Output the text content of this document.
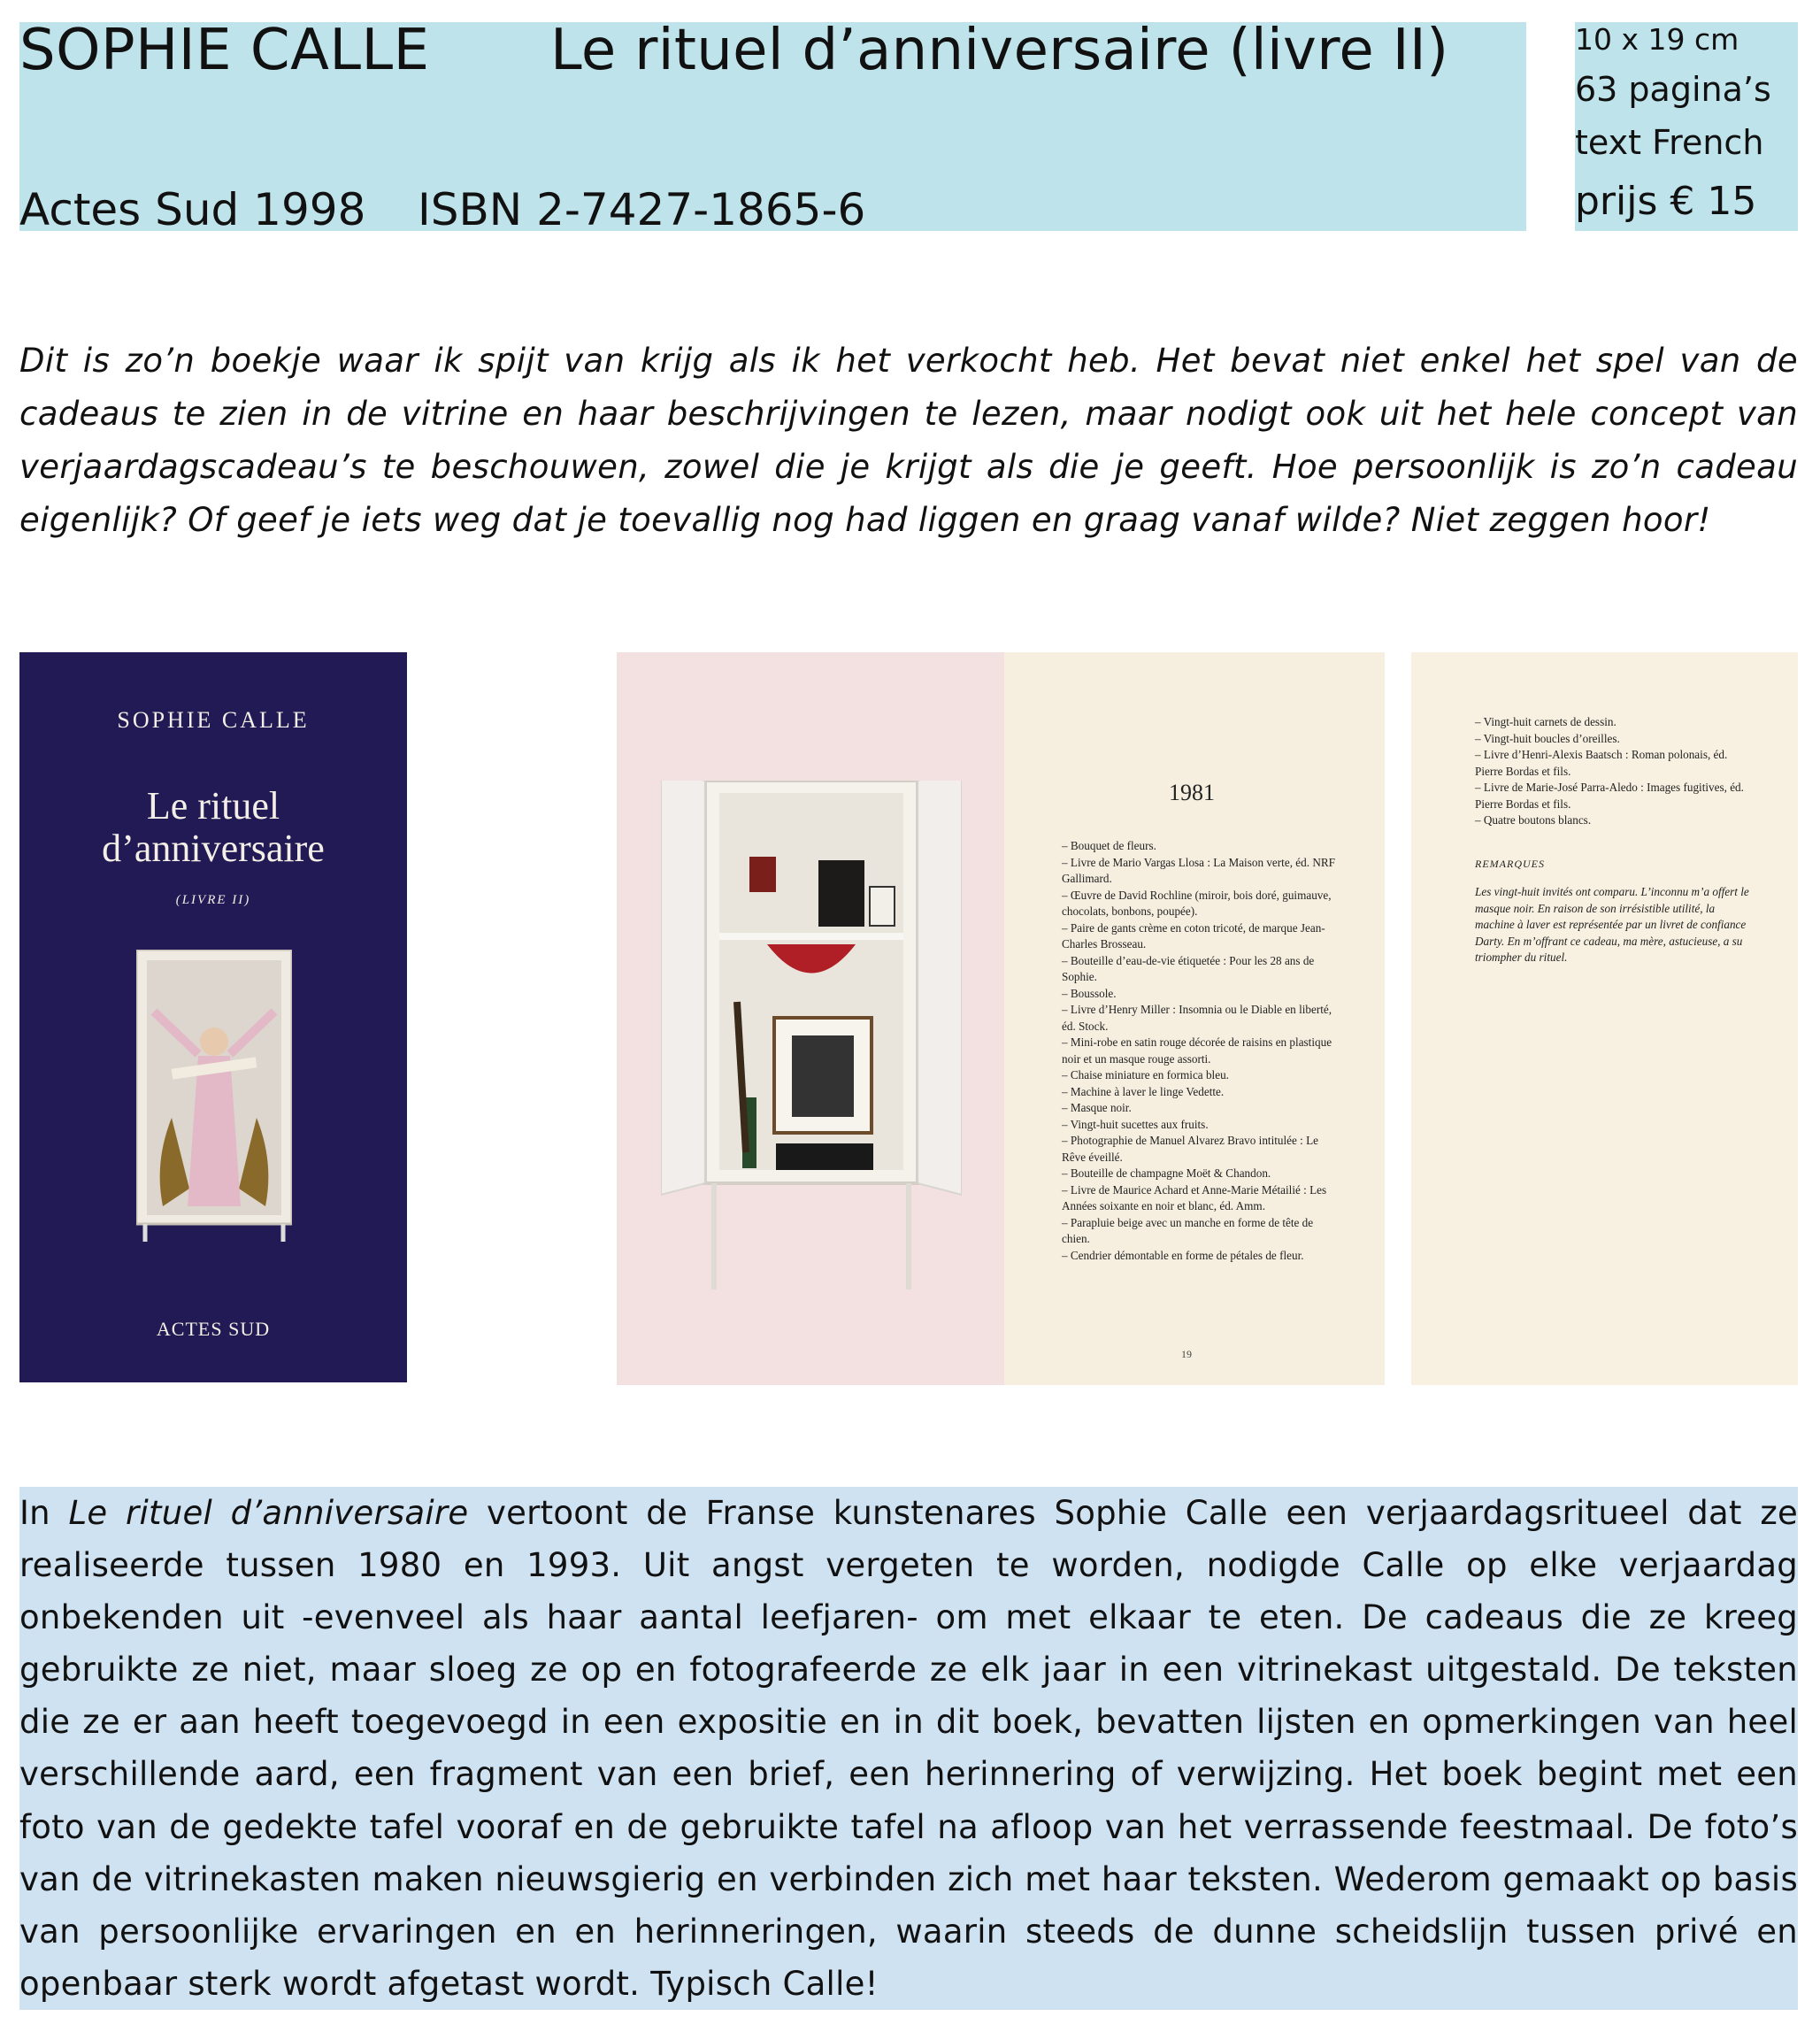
SOPHIE CALLE Le rituel d’anniversaire (livre II)
Actes Sud 1998 ISBN 2-7427-1865-6
10 x 19 cm
63 pagina’s
text French
prijs € 15
Dit is zo’n boekje waar ik spijt van krijg als ik het verkocht heb. Het bevat niet enkel het spel van de cadeaus te zien in de vitrine en haar beschrijvingen te lezen, maar nodigt ook uit het hele concept van verjaardagscadeau’s te beschouwen, zowel die je krijgt als die je geeft. Hoe persoonlijk is zo’n cadeau eigenlijk? Of geef je iets weg dat je toevallig nog had liggen en graag vanaf wilde? Niet zeggen hoor!
SOPHIE CALLE
Le rituel
d’anniversaire
(LIVRE II)
ACTES SUD
1981
– Bouquet de fleurs.
– Livre de Mario Vargas Llosa : La Maison verte, éd. NRF Gallimard.
– Œuvre de David Rochline (miroir, bois doré, guimauve, chocolats, bonbons, poupée).
– Paire de gants crème en coton tricoté, de marque Jean-Charles Brosseau.
– Bouteille d’eau-de-vie étiquetée : Pour les 28 ans de Sophie.
– Boussole.
– Livre d’Henry Miller : Insomnia ou le Diable en liberté, éd. Stock.
– Mini-robe en satin rouge décorée de raisins en plastique noir et un masque rouge assorti.
– Chaise miniature en formica bleu.
– Machine à laver le linge Vedette.
– Masque noir.
– Vingt-huit sucettes aux fruits.
– Photographie de Manuel Alvarez Bravo intitulée : Le Rêve éveillé.
– Bouteille de champagne Moët & Chandon.
– Livre de Maurice Achard et Anne-Marie Métailié : Les Années soixante en noir et blanc, éd. Amm.
– Parapluie beige avec un manche en forme de tête de chien.
– Cendrier démontable en forme de pétales de fleur.
19
– Vingt-huit carnets de dessin.
– Vingt-huit boucles d’oreilles.
– Livre d’Henri-Alexis Baatsch : Roman polonais, éd. Pierre Bordas et fils.
– Livre de Marie-José Parra-Aledo : Images fugitives, éd. Pierre Bordas et fils.
– Quatre boutons blancs.
REMARQUES
Les vingt-huit invités ont comparu. L’inconnu m’a offert le masque noir. En raison de son irrésistible utilité, la machine à laver est représentée par un livret de confiance Darty. En m’offrant ce cadeau, ma mère, astucieuse, a su triompher du rituel.
In Le rituel d’anniversaire vertoont de Franse kunstenares Sophie Calle een verjaardagsritueel dat ze realiseerde tussen 1980 en 1993. Uit angst vergeten te worden, nodigde Calle op elke verjaardag onbekenden uit -evenveel als haar aantal leefjaren- om met elkaar te eten. De cadeaus die ze kreeg gebruikte ze niet, maar sloeg ze op en fotografeerde ze elk jaar in een vitrinekast uitgestald. De teksten die ze er aan heeft toegevoegd in een expositie en in dit boek, bevatten lijsten en opmerkingen van heel verschillende aard, een fragment van een brief, een herinnering of verwijzing. Het boek begint met een foto van de gedekte tafel vooraf en de gebruikte tafel na afloop van het verrassende feestmaal. De foto’s van de vitrinekasten maken nieuwsgierig en verbinden zich met haar teksten. Wederom gemaakt op basis van persoonlijke ervaringen en en herinneringen, waarin steeds de dunne scheidslijn tussen privé en openbaar sterk wordt afgetast wordt. Typisch Calle!
